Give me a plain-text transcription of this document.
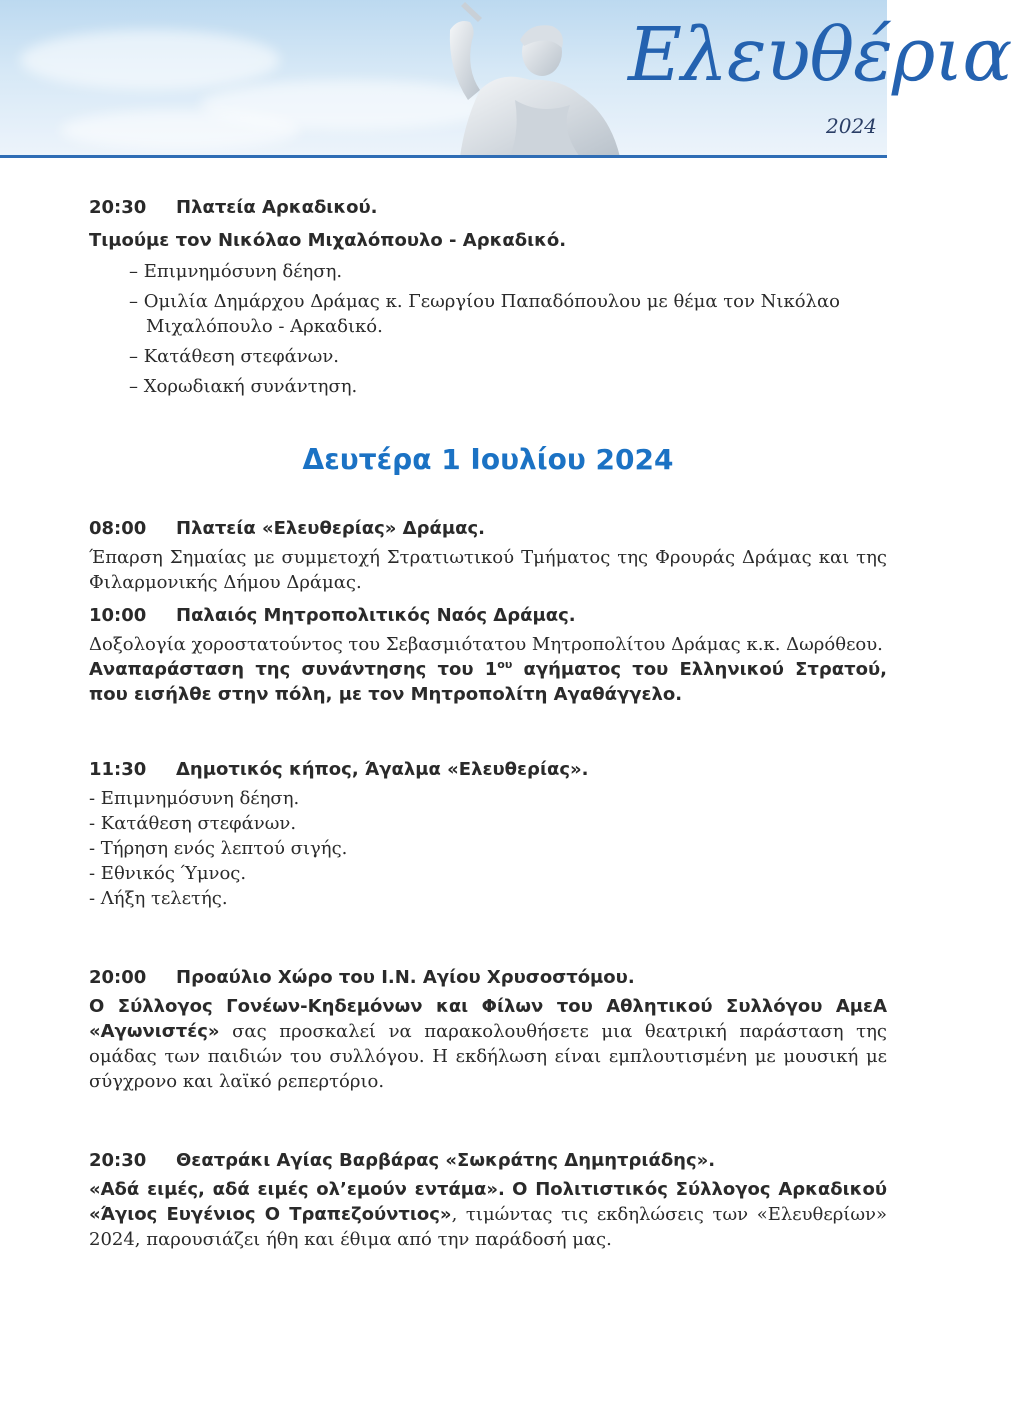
Ελευθέρια
2024
20:30	Πλατεία Αρκαδικού.

Τιμούμε τον Νικόλαο Μιχαλόπουλο - Αρκαδικό.

– Επιμνημόσυνη δέηση.
– Ομιλία Δημάρχου Δράμας κ. Γεωργίου Παπαδόπουλου με θέμα τον Νικόλαο Μιχαλόπουλο - Αρκαδικό.
– Κατάθεση στεφάνων.
– Χορωδιακή συνάντηση.
Δευτέρα 1 Ιουλίου 2024
08:00	Πλατεία «Ελευθερίας» Δράμας.

Έπαρση Σημαίας με συμμετοχή Στρατιωτικού Τμήματος της Φρουράς Δράμας και της Φιλαρμονικής Δήμου Δράμας.

10:00	Παλαιός Μητροπολιτικός Ναός Δράμας.

Δοξολογία χοροστατούντος του Σεβασμιότατου Μητροπολίτου Δράμας κ.κ. Δωρόθεου.

Αναπαράσταση της συνάντησης του $1^{o\upsilon}$ αγήματος του Ελληνικού Στρατού, που εισήλθε στην πόλη, με τον Μητροπολίτη Αγαθάγγελο.

11:30	Δημοτικός κήπος, Άγαλμα «Ελευθερίας».
- Επιμνημόσυνη δέηση.
- Κατάθεση στεφάνων.
- Τήρηση ενός λεπτού σιγής.
- Εθνικός Ύμνος.
- Λήξη τελετής.
20:00	Προαύλιο Χώρο του Ι.Ν. Αγίου Χρυσοστόμου.

Ο Σύλλογος Γονέων-Κηδεμόνων και Φίλων του Αθλητικού Συλλόγου ΑμεΑ «Αγωνιστές» σας προσκαλεί να παρακολουθήσετε μια θεατρική παράσταση της ομάδας των παιδιών του συλλόγου. Η εκδήλωση είναι εμπλουτισμένη με μουσική με σύγχρονο και λαϊκό ρεπερτόριο.

20:30	Θεατράκι Αγίας Βαρβάρας «Σωκράτης Δημητριάδης».

«Αδά ειμές, αδά ειμές ολ’εμούν εντάμα». Ο Πολιτιστικός Σύλλογος Αρκαδικού «Άγιος Ευγένιος Ο Τραπεζούντιος», τιμώντας τις εκδηλώσεις των «Ελευθερίων» 2024, παρουσιάζει ήθη και έθιμα από την παράδοσή μας.
